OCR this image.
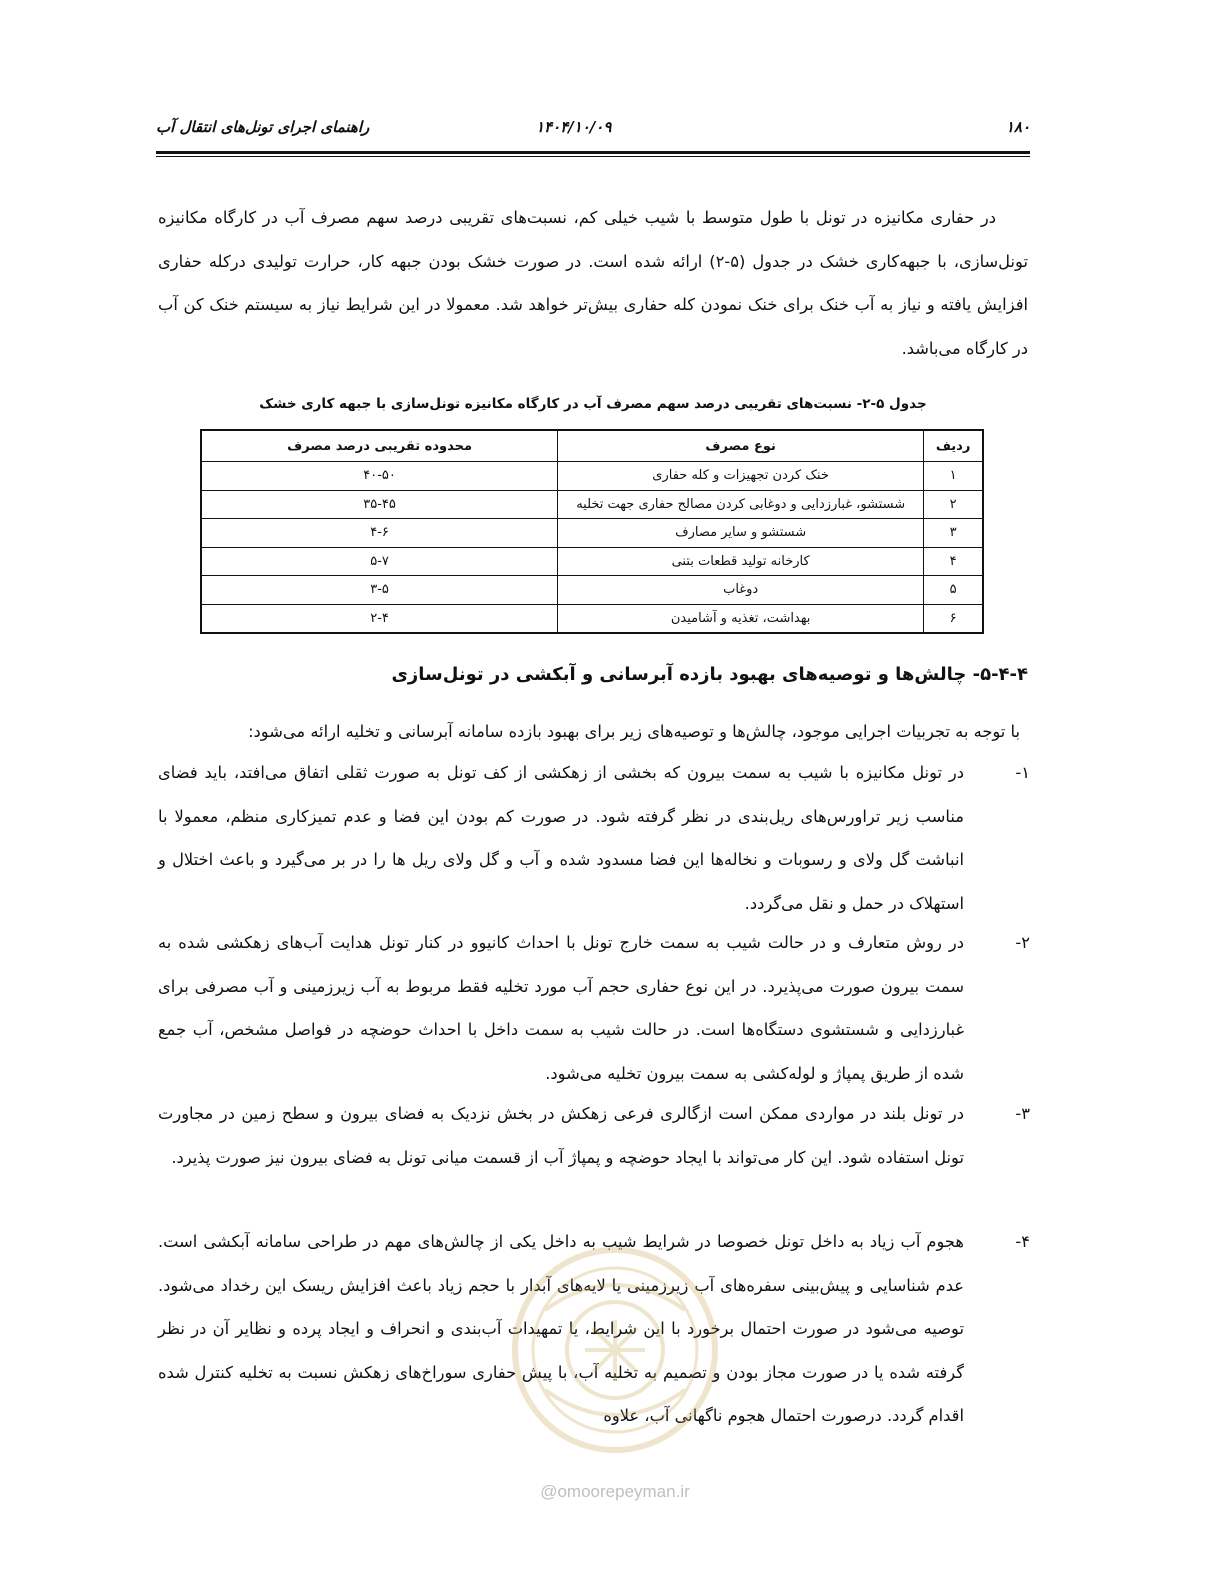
۱۸۰
۱۴۰۴/۱۰/۰۹
راهنمای اجرای تونل‌های انتقال آب

در حفاری مکانیزه در تونل با طول متوسط با شیب خیلی کم، نسبت‌های تقریبی درصد سهم مصرف آب در کارگاه مکانیزه تونل‌سازی، با جبهه‌کاری خشک در جدول (۵-۲) ارائه شده است. در صورت خشک بودن جبهه کار، حرارت تولیدی درکله حفاری افزایش یافته و نیاز به آب خنک برای خنک نمودن کله حفاری بیش‌تر خواهد شد. معمولا در این شرایط نیاز به سیستم خنک کن آب در کارگاه می‌باشد.

جدول ۵-۲- نسبت‌های تقریبی درصد سهم مصرف آب در کارگاه مکانیزه تونل‌سازی با جبهه کاری خشک
ردیف	نوع مصرف	محدوده تقریبی درصد مصرف
۱	خنک کردن تجهیزات و کله حفاری	۴۰-۵۰
۲	شستشو، غبارزدایی و دوغابی کردن مصالح حفاری جهت تخلیه	۳۵-۴۵
۳	شستشو و سایر مصارف	۴-۶
۴	کارخانه تولید قطعات بتنی	۵-۷
۵	دوغاب	۳-۵
۶	بهداشت، تغذیه و آشامیدن	۲-۴
۵-۴-۴- چالش‌ها و توصیه‌های بهبود بازده آبرسانی و آبکشی در تونل‌سازی

با توجه به تجربیات اجرایی موجود، چالش‌ها و توصیه‌های زیر برای بهبود بازده سامانه آبرسانی و تخلیه ارائه می‌شود:

۱-

در تونل مکانیزه با شیب به سمت بیرون که بخشی از زهکشی از کف تونل به صورت ثقلی اتفاق می‌افتد، باید فضای مناسب زیر تراورس‌های ریل‌بندی در نظر گرفته شود. در صورت کم بودن این فضا و عدم تمیزکاری منظم، معمولا با انباشت گل ولای و رسوبات و نخاله‌ها این فضا مسدود شده و آب و گل ولای ریل ها را در بر می‌گیرد و باعث اختلال و استهلاک در حمل و نقل می‌گردد.

۲-

در روش متعارف و در حالت شیب به سمت خارج تونل با احداث کانیوو در کنار تونل هدایت آب‌های زهکشی شده به سمت بیرون صورت می‌پذیرد. در این نوع حفاری حجم آب مورد تخلیه فقط مربوط به آب زیرزمینی و آب مصرفی برای غبارزدایی و شستشوی دستگاه‌ها است. در حالت شیب به سمت داخل با احداث حوضچه در فواصل مشخص، آب جمع شده از طریق پمپاژ و لوله‌کشی به سمت بیرون تخلیه می‌شود.

۳-

در تونل بلند در مواردی ممکن است ازگالری فرعی زهکش در بخش نزدیک به فضای بیرون و سطح زمین در مجاورت تونل استفاده شود. این کار می‌تواند با ایجاد حوضچه و پمپاژ آب از قسمت میانی تونل به فضای بیرون نیز صورت پذیرد.

۴-

هجوم آب زیاد به داخل تونل خصوصا در شرایط شیب به داخل یکی از چالش‌های مهم در طراحی سامانه آبکشی است. عدم شناسایی و پیش‌بینی سفره‌های آب زیرزمینی یا لایه‌های آبدار با حجم زیاد باعث افزایش ریسک این رخداد می‌شود. توصیه می‌شود در صورت احتمال برخورد با این شرایط، یا تمهیدات آب‌بندی و انحراف و ایجاد پرده و نظایر آن در نظر گرفته شده یا در صورت مجاز بودن و تصمیم به تخلیه آب، با پیش حفاری سوراخ‌های زهکش نسبت به تخلیه کنترل شده اقدام گردد. درصورت احتمال هجوم ناگهانی آب، علاوه

@omoorepeyman.ir
